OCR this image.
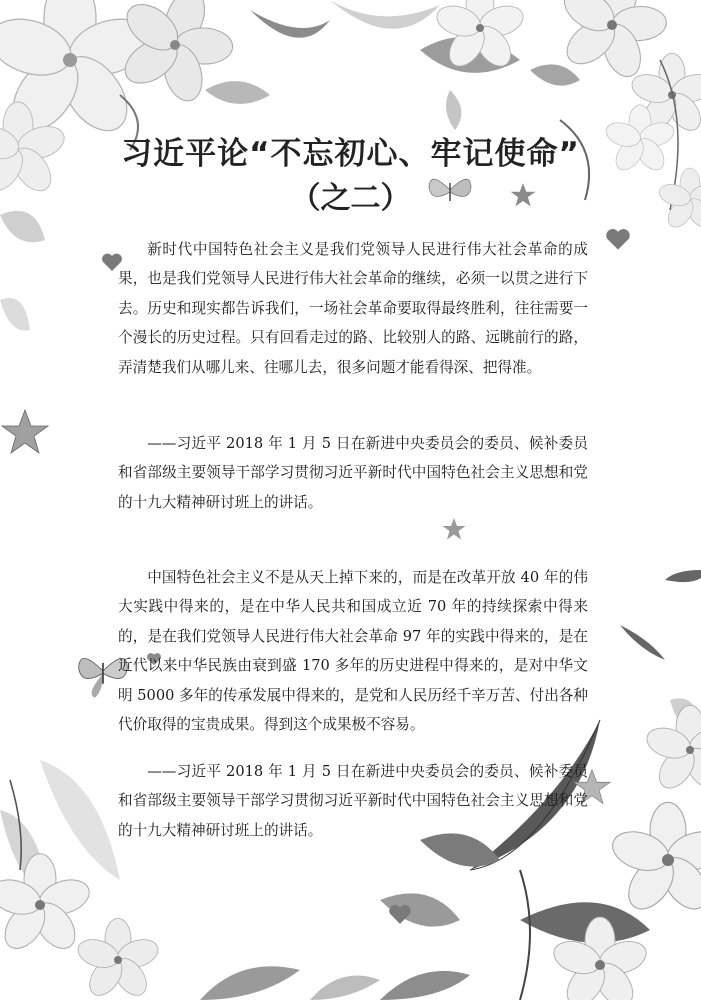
习近平论“不忘初心、牢记使命”
（之二）

新时代中国特色社会主义是我们党领导人民进行伟大社会革命的成果，也是我们党领导人民进行伟大社会革命的继续，必须一以贯之进行下去。历史和现实都告诉我们，一场社会革命要取得最终胜利，往往需要一个漫长的历史过程。只有回看走过的路、比较别人的路、远眺前行的路，弄清楚我们从哪儿来、往哪儿去，很多问题才能看得深、把得准。

——习近平 2018 年 1 月 5 日在新进中央委员会的委员、候补委员和省部级主要领导干部学习贯彻习近平新时代中国特色社会主义思想和党的十九大精神研讨班上的讲话。

中国特色社会主义不是从天上掉下来的，而是在改革开放 40 年的伟大实践中得来的，是在中华人民共和国成立近 70 年的持续探索中得来的，是在我们党领导人民进行伟大社会革命 97 年的实践中得来的，是在近代以来中华民族由衰到盛 170 多年的历史进程中得来的，是对中华文明 5000 多年的传承发展中得来的，是党和人民历经千辛万苦、付出各种代价取得的宝贵成果。得到这个成果极不容易。

——习近平 2018 年 1 月 5 日在新进中央委员会的委员、候补委员和省部级主要领导干部学习贯彻习近平新时代中国特色社会主义思想和党的十九大精神研讨班上的讲话。
